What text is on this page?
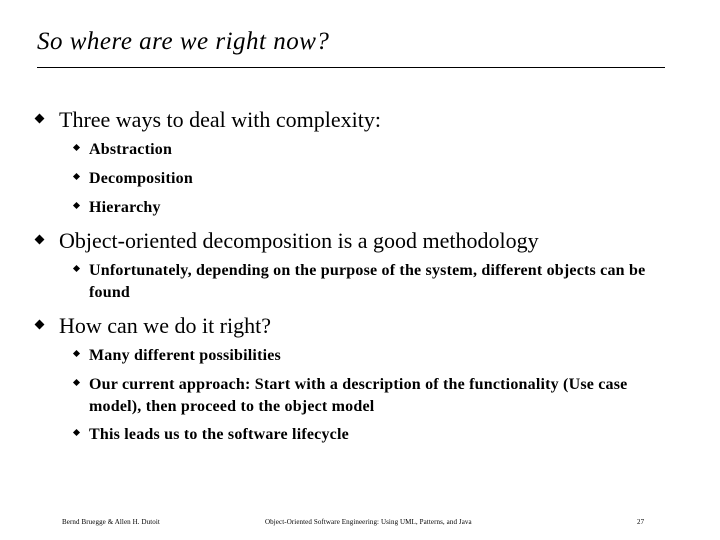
So where are we right now?
Three ways to deal with complexity:
Abstraction
Decomposition
Hierarchy
Object-oriented decomposition is a good methodology
Unfortunately, depending on the purpose of the system, different objects can be found
How can we do it right?
Many different possibilities
Our current approach: Start with a description of the functionality (Use case model), then proceed to the object model
This leads us to the software lifecycle
Bernd Bruegge & Allen H. Dutoit	Object-Oriented Software Engineering: Using UML, Patterns, and Java	27
